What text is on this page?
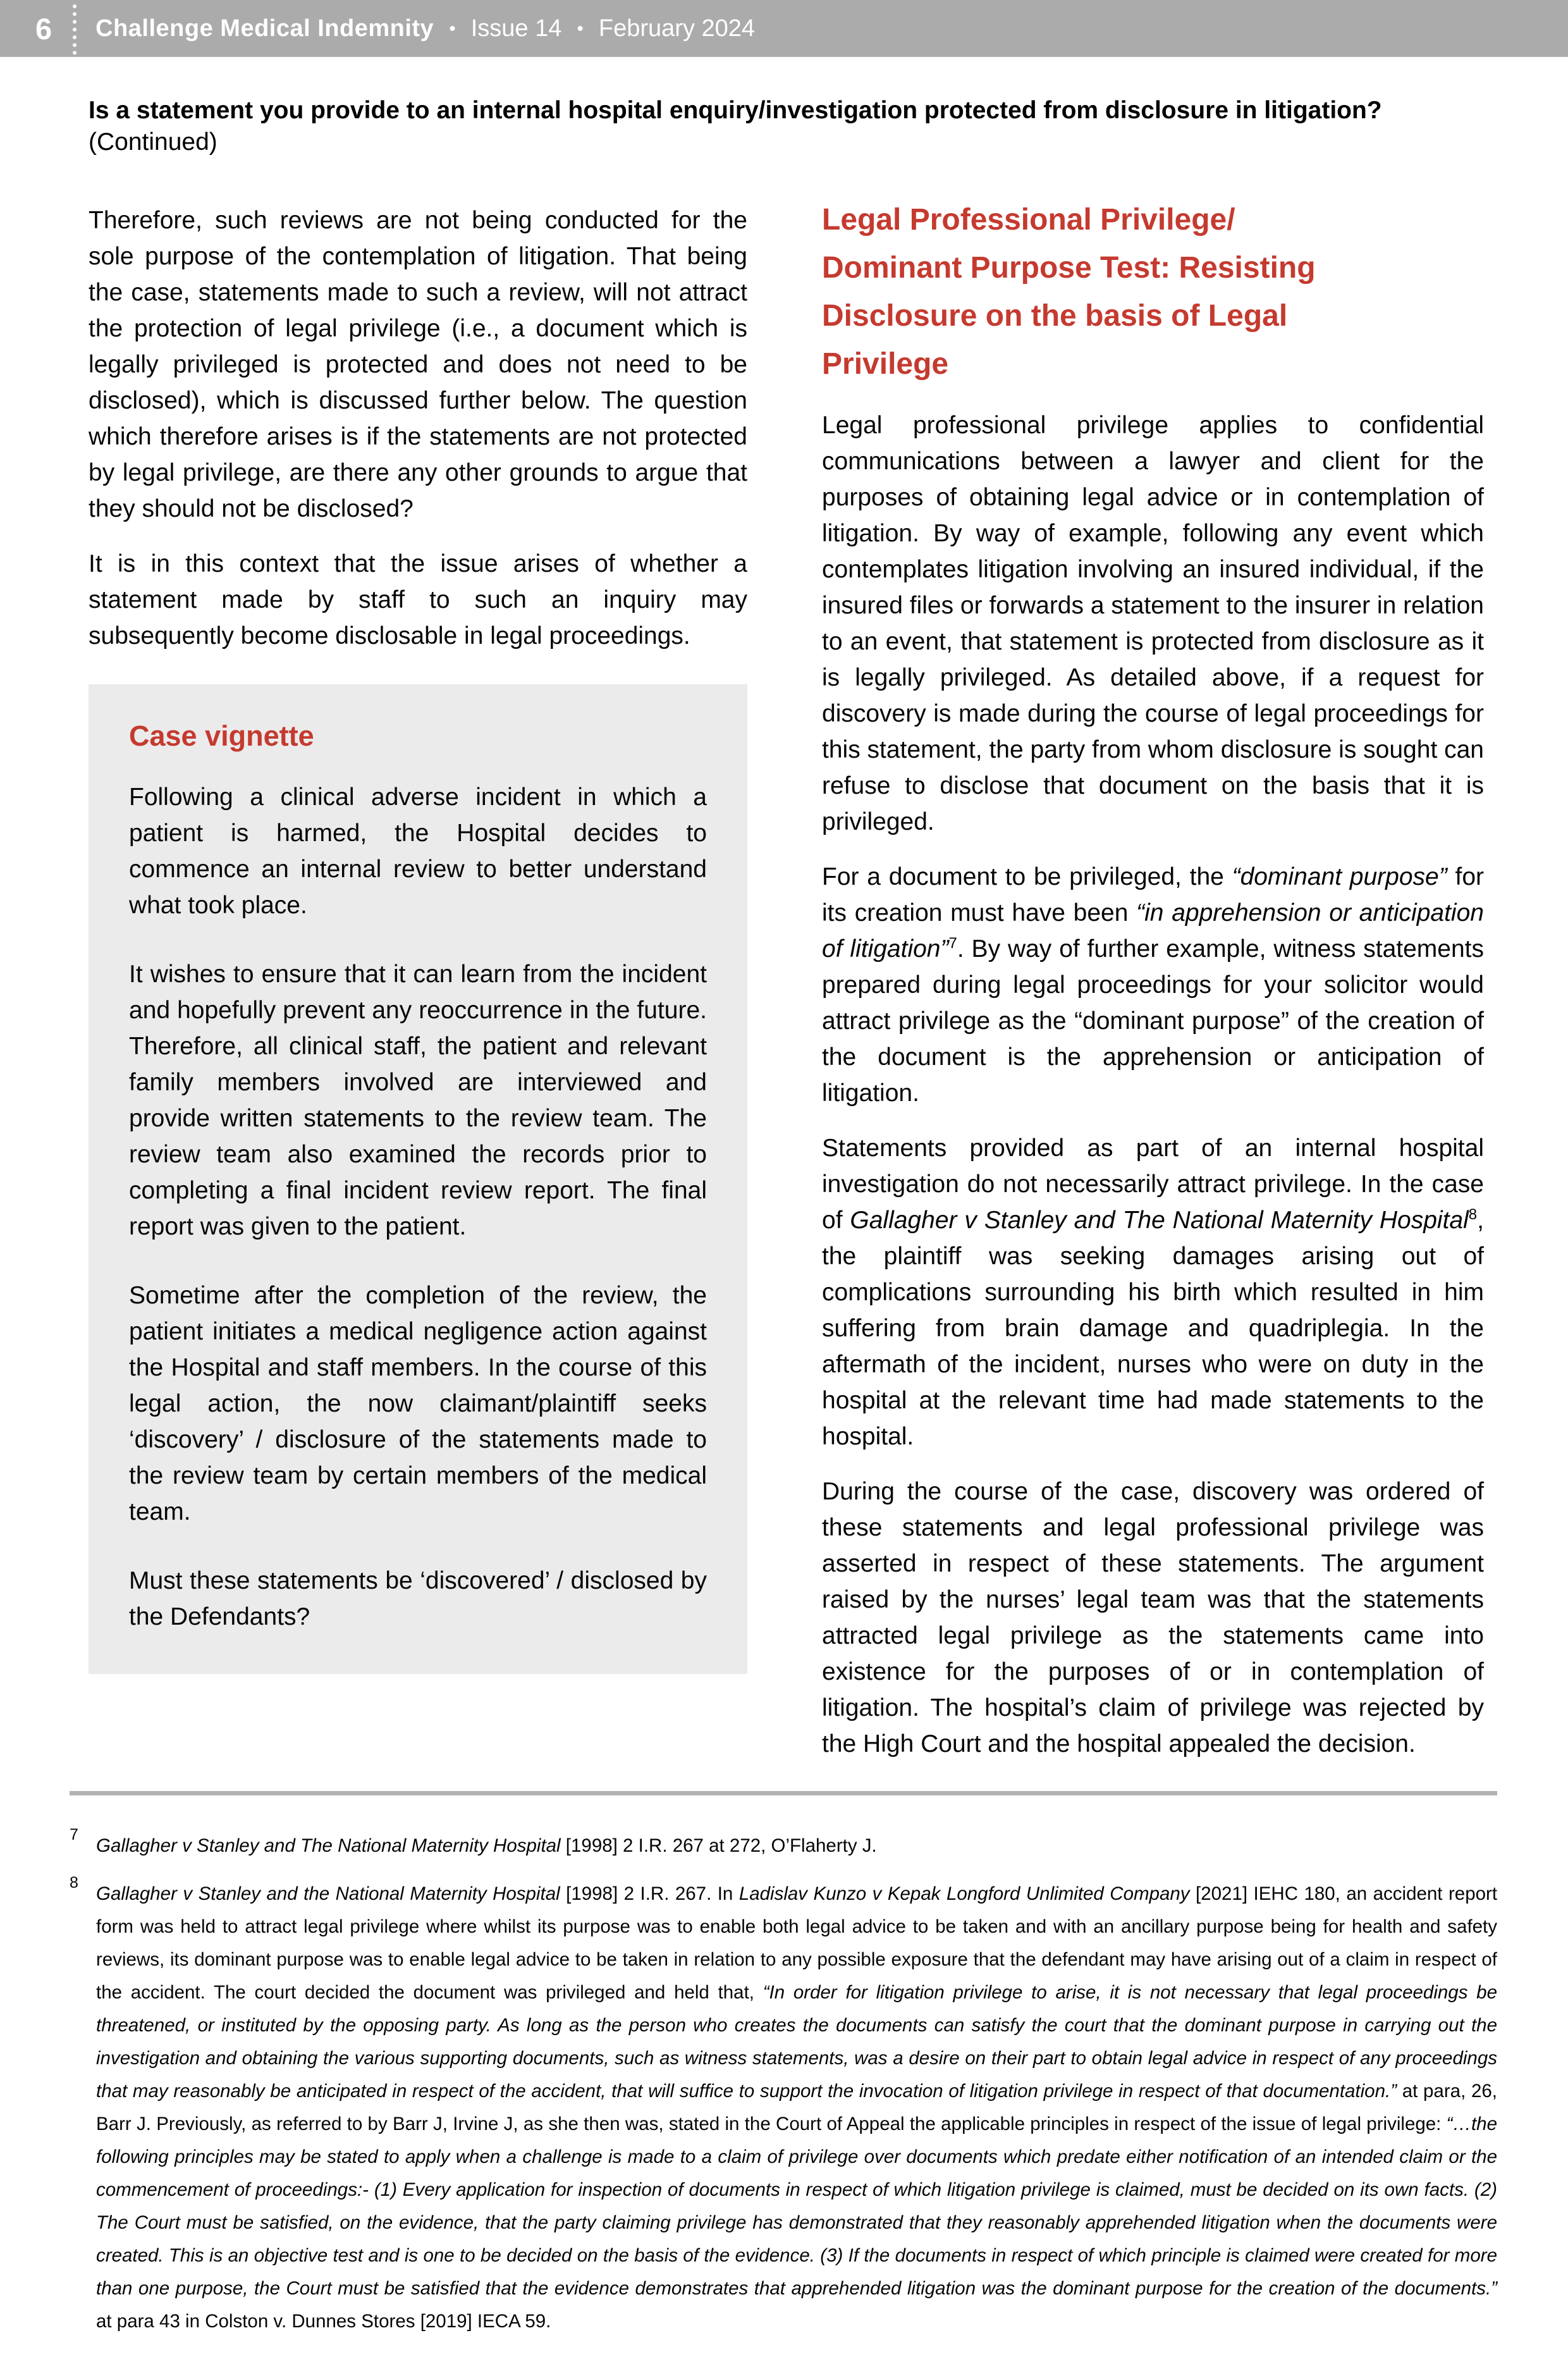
6 Challenge Medical Indemnity • Issue 14 • February 2024
Is a statement you provide to an internal hospital enquiry/investigation protected from disclosure in litigation? (Continued)

Therefore, such reviews are not being conducted for the sole purpose of the contemplation of litigation. That being the case, statements made to such a review, will not attract the protection of legal privilege (i.e., a document which is legally privileged is protected and does not need to be disclosed), which is discussed further below. The question which therefore arises is if the statements are not protected by legal privilege, are there any other grounds to argue that they should not be disclosed?

It is in this context that the issue arises of whether a statement made by staff to such an inquiry may subsequently become disclosable in legal proceedings.

Case vignette

Following a clinical adverse incident in which a patient is harmed, the Hospital decides to commence an internal review to better understand what took place.

It wishes to ensure that it can learn from the incident and hopefully prevent any reoccurrence in the future. Therefore, all clinical staff, the patient and relevant family members involved are interviewed and provide written statements to the review team. The review team also examined the records prior to completing a final incident review report. The final report was given to the patient.

Sometime after the completion of the review, the patient initiates a medical negligence action against the Hospital and staff members. In the course of this legal action, the now claimant/plaintiff seeks ‘discovery’ / disclosure of the statements made to the review team by certain members of the medical team.

Must these statements be ‘discovered’ / disclosed by the Defendants?

Legal Professional Privilege/
Dominant Purpose Test: Resisting
Disclosure on the basis of Legal
Privilege

Legal professional privilege applies to confidential communications between a lawyer and client for the purposes of obtaining legal advice or in contemplation of litigation. By way of example, following any event which contemplates litigation involving an insured individual, if the insured files or forwards a statement to the insurer in relation to an event, that statement is protected from disclosure as it is legally privileged. As detailed above, if a request for discovery is made during the course of legal proceedings for this statement, the party from whom disclosure is sought can refuse to disclose that document on the basis that it is privileged.

For a document to be privileged, the “dominant purpose” for its creation must have been “in apprehension or anticipation of litigation”$^7$. By way of further example, witness statements prepared during legal proceedings for your solicitor would attract privilege as the “dominant purpose” of the creation of the document is the apprehension or anticipation of litigation.

Statements provided as part of an internal hospital investigation do not necessarily attract privilege. In the case of Gallagher v Stanley and The National Maternity Hospital$^8$, the plaintiff was seeking damages arising out of complications surrounding his birth which resulted in him suffering from brain damage and quadriplegia. In the aftermath of the incident, nurses who were on duty in the hospital at the relevant time had made statements to the hospital.

During the course of the case, discovery was ordered of these statements and legal professional privilege was asserted in respect of these statements. The argument raised by the nurses’ legal team was that the statements attracted legal privilege as the statements came into existence for the purposes of or in contemplation of litigation. The hospital’s claim of privilege was rejected by the High Court and the hospital appealed the decision.

7
Gallagher v Stanley and The National Maternity Hospital [1998] 2 I.R. 267 at 272, O’Flaherty J.
8
Gallagher v Stanley and the National Maternity Hospital [1998] 2 I.R. 267. In Ladislav Kunzo v Kepak Longford Unlimited Company [2021] IEHC 180, an accident report form was held to attract legal privilege where whilst its purpose was to enable both legal advice to be taken and with an ancillary purpose being for health and safety reviews, its dominant purpose was to enable legal advice to be taken in relation to any possible exposure that the defendant may have arising out of a claim in respect of the accident. The court decided the document was privileged and held that, “In order for litigation privilege to arise, it is not necessary that legal proceedings be threatened, or instituted by the opposing party. As long as the person who creates the documents can satisfy the court that the dominant purpose in carrying out the investigation and obtaining the various supporting documents, such as witness statements, was a desire on their part to obtain legal advice in respect of any proceedings that may reasonably be anticipated in respect of the accident, that will suffice to support the invocation of litigation privilege in respect of that documentation.” at para, 26, Barr J. Previously, as referred to by Barr J, Irvine J, as she then was, stated in the Court of Appeal the applicable principles in respect of the issue of legal privilege: “…the following principles may be stated to apply when a challenge is made to a claim of privilege over documents which predate either notification of an intended claim or the commencement of proceedings:- (1) Every application for inspection of documents in respect of which litigation privilege is claimed, must be decided on its own facts. (2) The Court must be satisfied, on the evidence, that the party claiming privilege has demonstrated that they reasonably apprehended litigation when the documents were created. This is an objective test and is one to be decided on the basis of the evidence. (3) If the documents in respect of which principle is claimed were created for more than one purpose, the Court must be satisfied that the evidence demonstrates that apprehended litigation was the dominant purpose for the creation of the documents.” at para 43 in Colston v. Dunnes Stores [2019] IECA 59.
